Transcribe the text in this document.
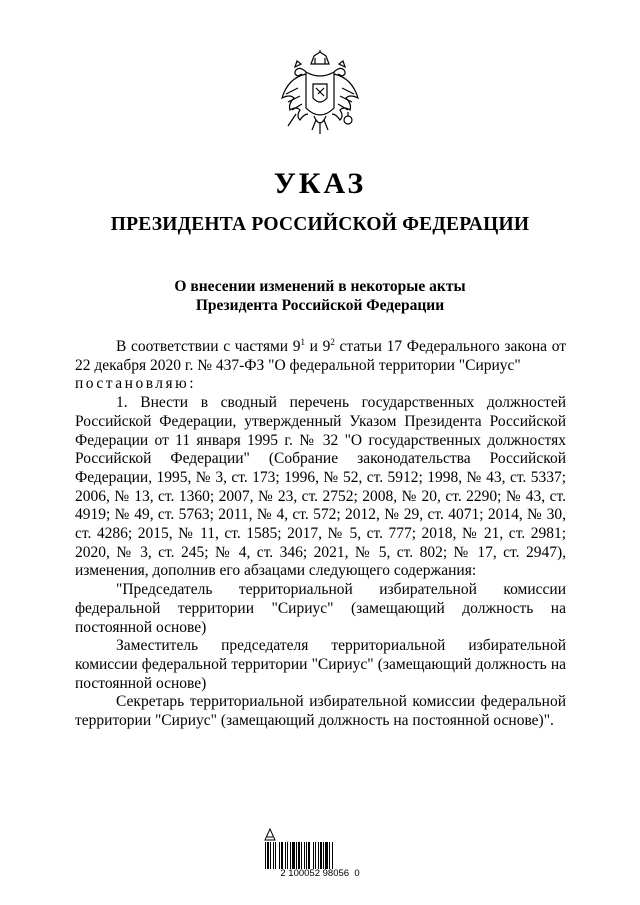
УКАЗ
ПРЕЗИДЕНТА РОССИЙСКОЙ ФЕДЕРАЦИИ
О внесении изменений в некоторые акты
Президента Российской Федерации

В соответствии с частями $9^1$ и $9^2$ статьи 17 Федерального закона от 22 декабря 2020 г. № 437-ФЗ "О федеральной территории "Сириус"

постановляю:

1. Внести в сводный перечень государственных должностей Российской Федерации, утвержденный Указом Президента Российской Федерации от 11 января 1995 г. № 32 "О государственных должностях Российской Федерации" (Собрание законодательства Российской Федерации, 1995, № 3, ст. 173; 1996, № 52, ст. 5912; 1998, № 43, ст. 5337; 2006, № 13, ст. 1360; 2007, № 23, ст. 2752; 2008, № 20, ст. 2290; № 43, ст. 4919; № 49, ст. 5763; 2011, № 4, ст. 572; 2012, № 29, ст. 4071; 2014, № 30, ст. 4286; 2015, № 11, ст. 1585; 2017, № 5, ст. 777; 2018, № 21, ст. 2981; 2020, № 3, ст. 245; № 4, ст. 346; 2021, № 5, ст. 802; № 17, ст. 2947), изменения, дополнив его абзацами следующего содержания:

"Председатель территориальной избирательной комиссии федеральной территории "Сириус" (замещающий должность на постоянной основе)

Заместитель председателя территориальной избирательной комиссии федеральной территории "Сириус" (замещающий должность на постоянной основе)

Секретарь территориальной избирательной комиссии федеральной территории "Сириус" (замещающий должность на постоянной основе)".

2 100052 98056  0
